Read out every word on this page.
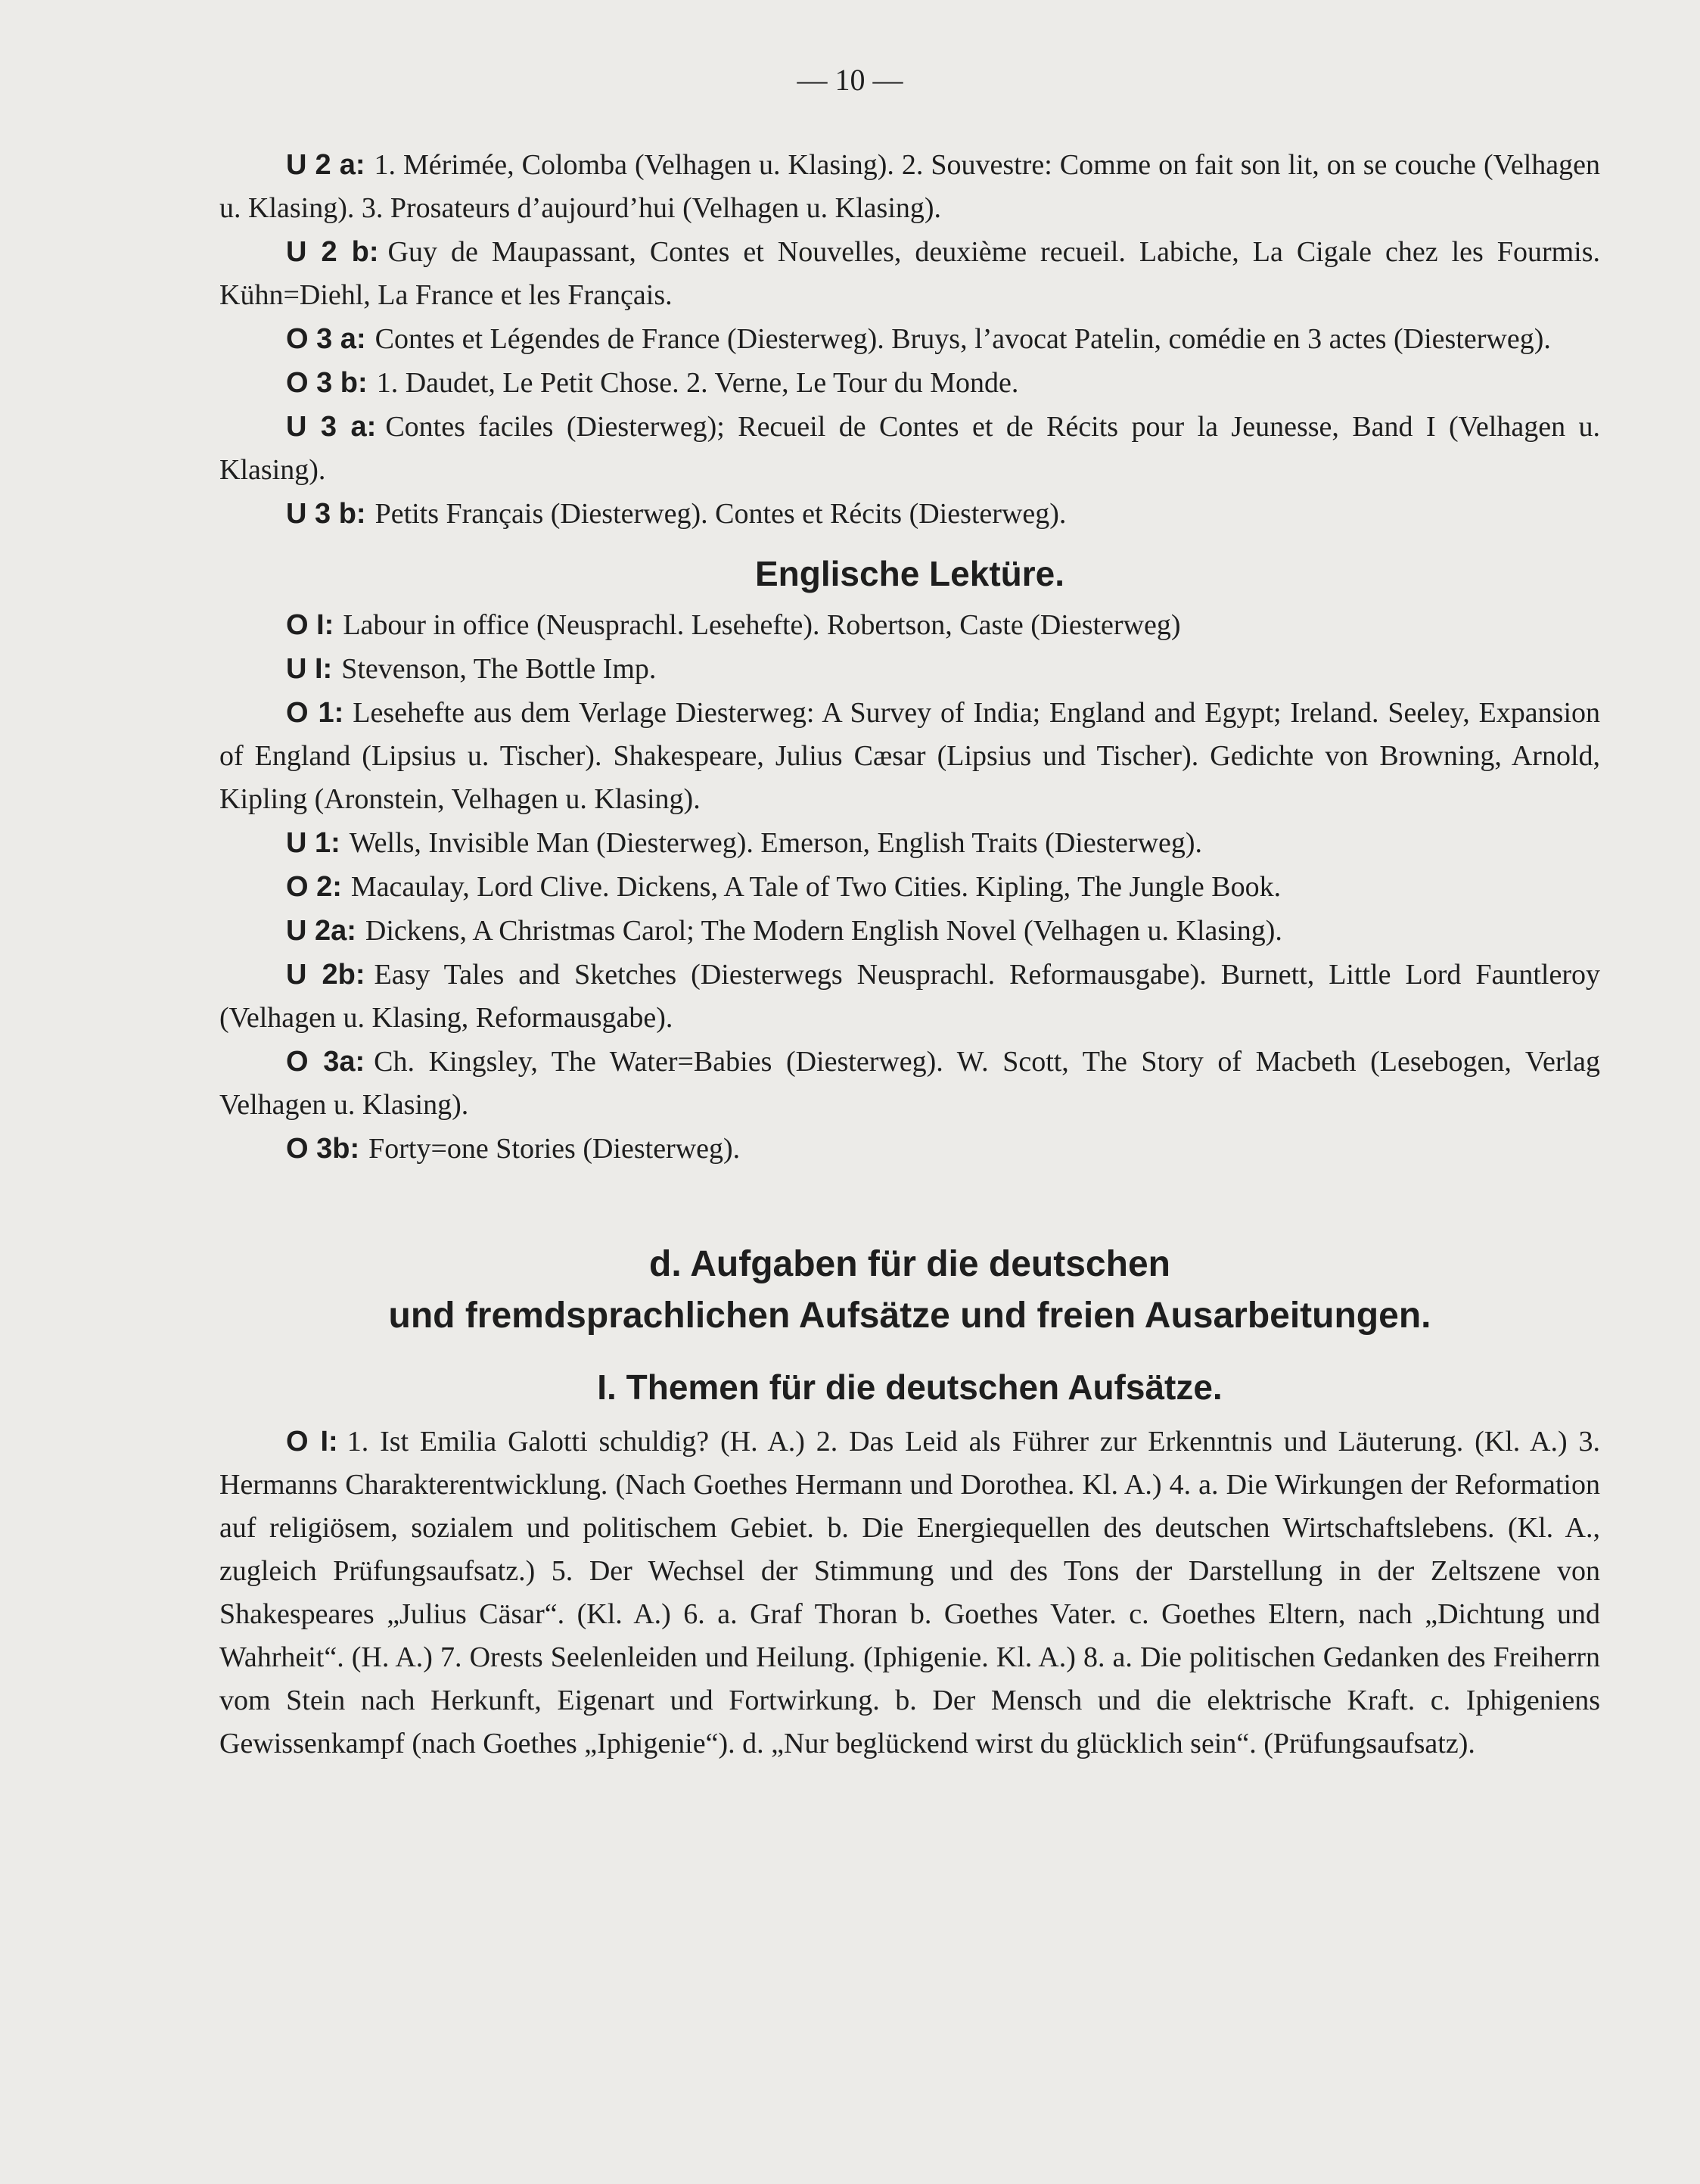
— 10 —

U 2 a: 1. Mérimée, Colomba (Velhagen u. Klasing). 2. Souvestre: Comme on fait son lit, on se couche (Velhagen u. Klasing). 3. Prosateurs d’aujourd’hui (Velhagen u. Klasing).

U 2 b: Guy de Maupassant, Contes et Nouvelles, deuxième recueil. Labiche, La Cigale chez les Fourmis. Kühn=Diehl, La France et les Français.

O 3 a: Contes et Légendes de France (Diesterweg). Bruys, l’avocat Patelin, comédie en 3 actes (Diesterweg).

O 3 b: 1. Daudet, Le Petit Chose. 2. Verne, Le Tour du Monde.

U 3 a: Contes faciles (Diesterweg); Recueil de Contes et de Récits pour la Jeunesse, Band I (Velhagen u. Klasing).

U 3 b: Petits Français (Diesterweg). Contes et Récits (Diesterweg).

Englische Lektüre.

O I: Labour in office (Neusprachl. Lesehefte). Robertson, Caste (Diesterweg)

U I: Stevenson, The Bottle Imp.

O 1: Lesehefte aus dem Verlage Diesterweg: A Survey of India; England and Egypt; Ireland. Seeley, Expansion of England (Lipsius u. Tischer). Shakespeare, Julius Cæsar (Lipsius und Tischer). Gedichte von Browning, Arnold, Kipling (Aronstein, Velhagen u. Klasing).

U 1: Wells, Invisible Man (Diesterweg). Emerson, English Traits (Diesterweg).

O 2: Macaulay, Lord Clive. Dickens, A Tale of Two Cities. Kipling, The Jungle Book.

U 2a: Dickens, A Christmas Carol; The Modern English Novel (Velhagen u. Klasing).

U 2b: Easy Tales and Sketches (Diesterwegs Neusprachl. Reformausgabe). Burnett, Little Lord Fauntleroy (Velhagen u. Klasing, Reformausgabe).

O 3a: Ch. Kingsley, The Water=Babies (Diesterweg). W. Scott, The Story of Macbeth (Lesebogen, Verlag Velhagen u. Klasing).

O 3b: Forty=one Stories (Diesterweg).

d. Aufgaben für die deutschen
und fremdsprachlichen Aufsätze und freien Ausarbeitungen.
I. Themen für die deutschen Aufsätze.

O I: 1. Ist Emilia Galotti schuldig? (H. A.) 2. Das Leid als Führer zur Erkenntnis und Läuterung. (Kl. A.) 3. Hermanns Charakterentwicklung. (Nach Goethes Hermann und Dorothea. Kl. A.) 4. a. Die Wirkungen der Reformation auf religiösem, sozialem und politischem Gebiet. b. Die Energiequellen des deutschen Wirtschaftslebens. (Kl. A., zugleich Prüfungsaufsatz.) 5. Der Wechsel der Stimmung und des Tons der Darstellung in der Zeltszene von Shakespeares „Julius Cäsar“. (Kl. A.) 6. a. Graf Thoran b. Goethes Vater. c. Goethes Eltern, nach „Dichtung und Wahrheit“. (H. A.) 7. Orests Seelenleiden und Heilung. (Iphigenie. Kl. A.) 8. a. Die politischen Gedanken des Freiherrn vom Stein nach Herkunft, Eigenart und Fortwirkung. b. Der Mensch und die elektrische Kraft. c. Iphigeniens Gewissenkampf (nach Goethes „Iphigenie“). d. „Nur beglückend wirst du glücklich sein“. (Prüfungsaufsatz).
